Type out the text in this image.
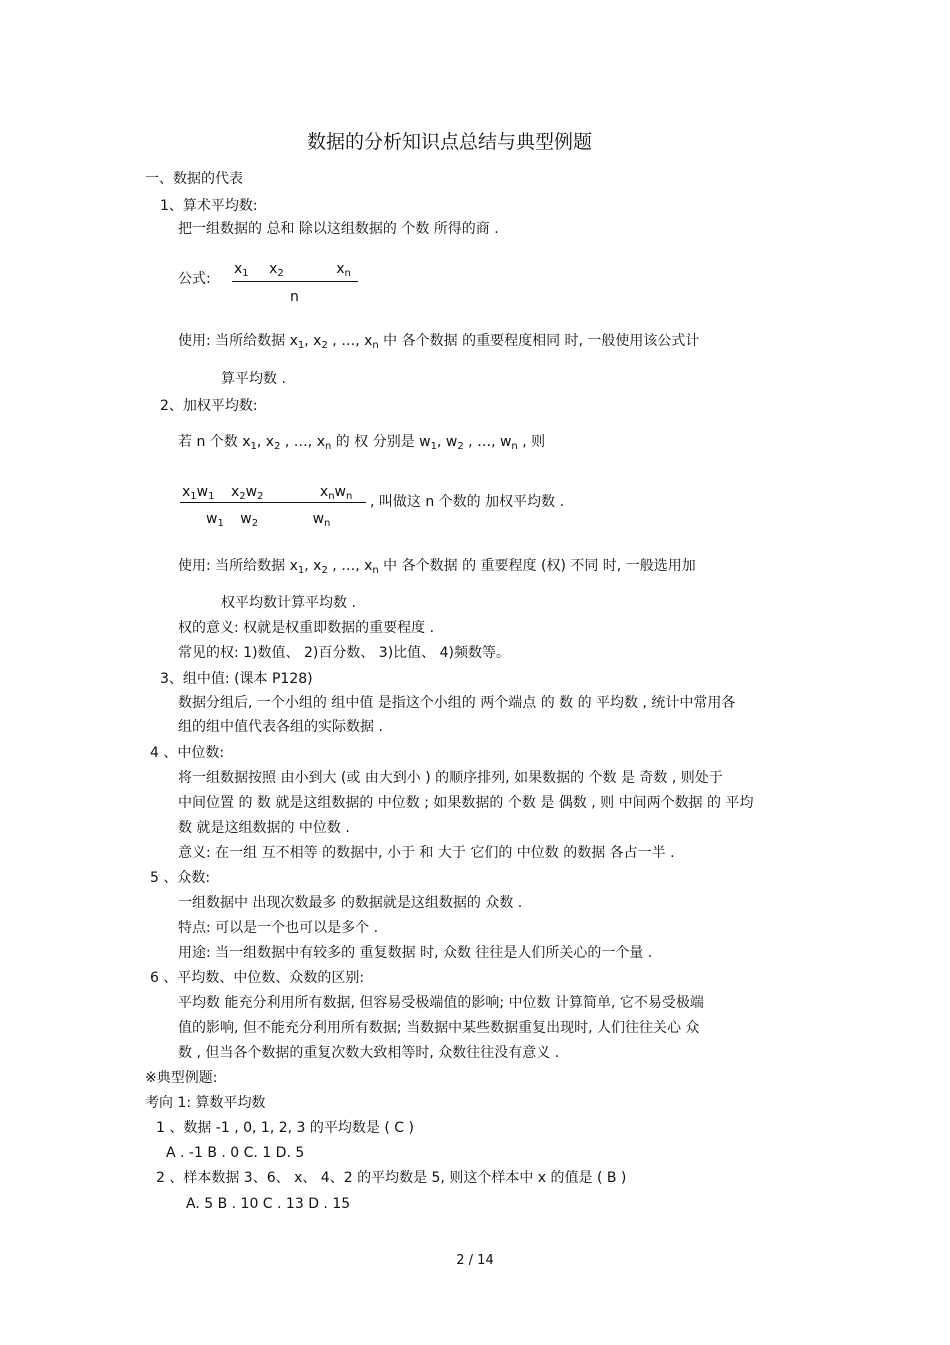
数据的分析知识点总结与典型例题
一、数据的代表
1、算术平均数:
把一组数据的 总和 除以这组数据的 个数 所得的商 .
公式:
$x_1$ $x_2$	$x_n$
n
使用: 当所给数据 $x_1$, $x_2$ , …, $x_n$ 中 各个数据 的重要程度相同 时, 一般使用该公式计
算平均数 .
2、加权平均数:
若 n 个数 $x_1$, $x_2$ , …, $x_n$ 的 权 分别是 $w_1$, $w_2$ , …, $w_n$ , 则
$x_1w_1$ $x_2w_2$	$x_nw_n$
$w_1$ $w_2$	$w_n$
, 叫做这 n 个数的 加权平均数 .
使用: 当所给数据 $x_1$, $x_2$ , …, $x_n$ 中 各个数据 的 重要程度 (权) 不同 时, 一般选用加
权平均数计算平均数 .
权的意义: 权就是权重即数据的重要程度 .
常见的权: 1)数值、 2)百分数、 3)比值、 4)频数等。
3、组中值: (课本 P128)
数据分组后, 一个小组的 组中值 是指这个小组的 两个端点 的 数 的 平均数 , 统计中常用各
组的组中值代表各组的实际数据 .
4 、中位数:
将一组数据按照 由小到大 (或 由大到小 ) 的顺序排列, 如果数据的 个数 是 奇数 , 则处于
中间位置 的 数 就是这组数据的 中位数 ; 如果数据的 个数 是 偶数 , 则 中间两个数据 的 平均
数 就是这组数据的 中位数 .
意义: 在一组 互不相等 的数据中, 小于 和 大于 它们的 中位数 的数据 各占一半 .
5 、众数:
一组数据中 出现次数最多 的数据就是这组数据的 众数 .
特点: 可以是一个也可以是多个 .
用途: 当一组数据中有较多的 重复数据 时, 众数 往往是人们所关心的一个量 .
6 、平均数、中位数、众数的区别:
平均数 能充分利用所有数据, 但容易受极端值的影响; 中位数 计算简单, 它不易受极端
值的影响, 但不能充分利用所有数据; 当数据中某些数据重复出现时, 人们往往关心 众
数 , 但当各个数据的重复次数大致相等时, 众数往往没有意义 .
※典型例题:
考向 1: 算数平均数
1 、数据 -1 , 0, 1, 2, 3 的平均数是 ( C )
A . -1 B . 0 C. 1 D. 5
2 、样本数据 3、6、 x、 4、2 的平均数是 5, 则这个样本中 x 的值是 ( B )
A. 5 B . 10 C . 13 D . 15
2 / 14
